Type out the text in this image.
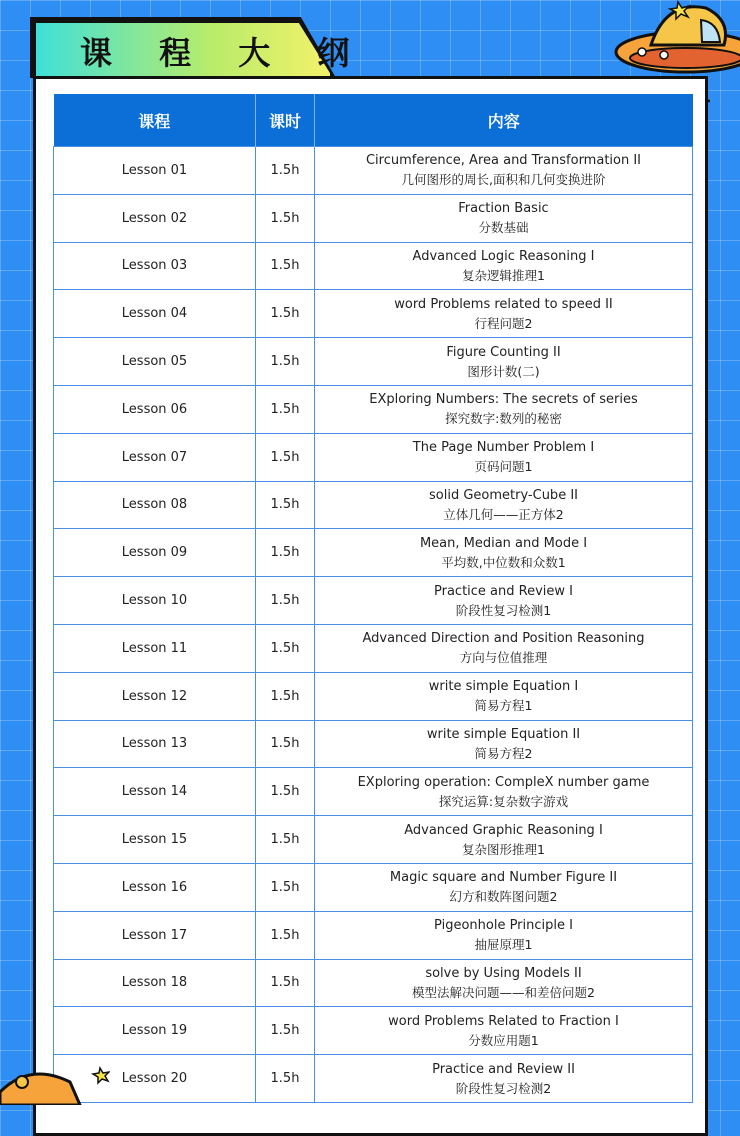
课 程 大 纲
课程	课时	内容
Lesson 01	1.5h	Circumference, Area and Transformation II
几何图形的周长,面积和几何变换进阶

Lesson 02	1.5h	Fraction Basic
分数基础

Lesson 03	1.5h	Advanced Logic Reasoning I
复杂逻辑推理1

Lesson 04	1.5h	word Problems related to speed II
行程问题2

Lesson 05	1.5h	Figure Counting II
图形计数(二)

Lesson 06	1.5h	EXploring Numbers: The secrets of series
探究数字:数列的秘密

Lesson 07	1.5h	The Page Number Problem I
页码问题1

Lesson 08	1.5h	solid Geometry-Cube II
立体几何——正方体2

Lesson 09	1.5h	Mean, Median and Mode I
平均数,中位数和众数1

Lesson 10	1.5h	Practice and Review I
阶段性复习检测1

Lesson 11	1.5h	Advanced Direction and Position Reasoning
方向与位值推理

Lesson 12	1.5h	write simple Equation I
简易方程1

Lesson 13	1.5h	write simple Equation II
简易方程2

Lesson 14	1.5h	EXploring operation: CompleX number game
探究运算:复杂数字游戏

Lesson 15	1.5h	Advanced Graphic Reasoning I
复杂图形推理1

Lesson 16	1.5h	Magic square and Number Figure II
幻方和数阵图问题2

Lesson 17	1.5h	Pigeonhole Principle I
抽屉原理1

Lesson 18	1.5h	solve by Using Models II
模型法解决问题——和差倍问题2

Lesson 19	1.5h	word Problems Related to Fraction I
分数应用题1

Lesson 20	1.5h	Practice and Review II
阶段性复习检测2
